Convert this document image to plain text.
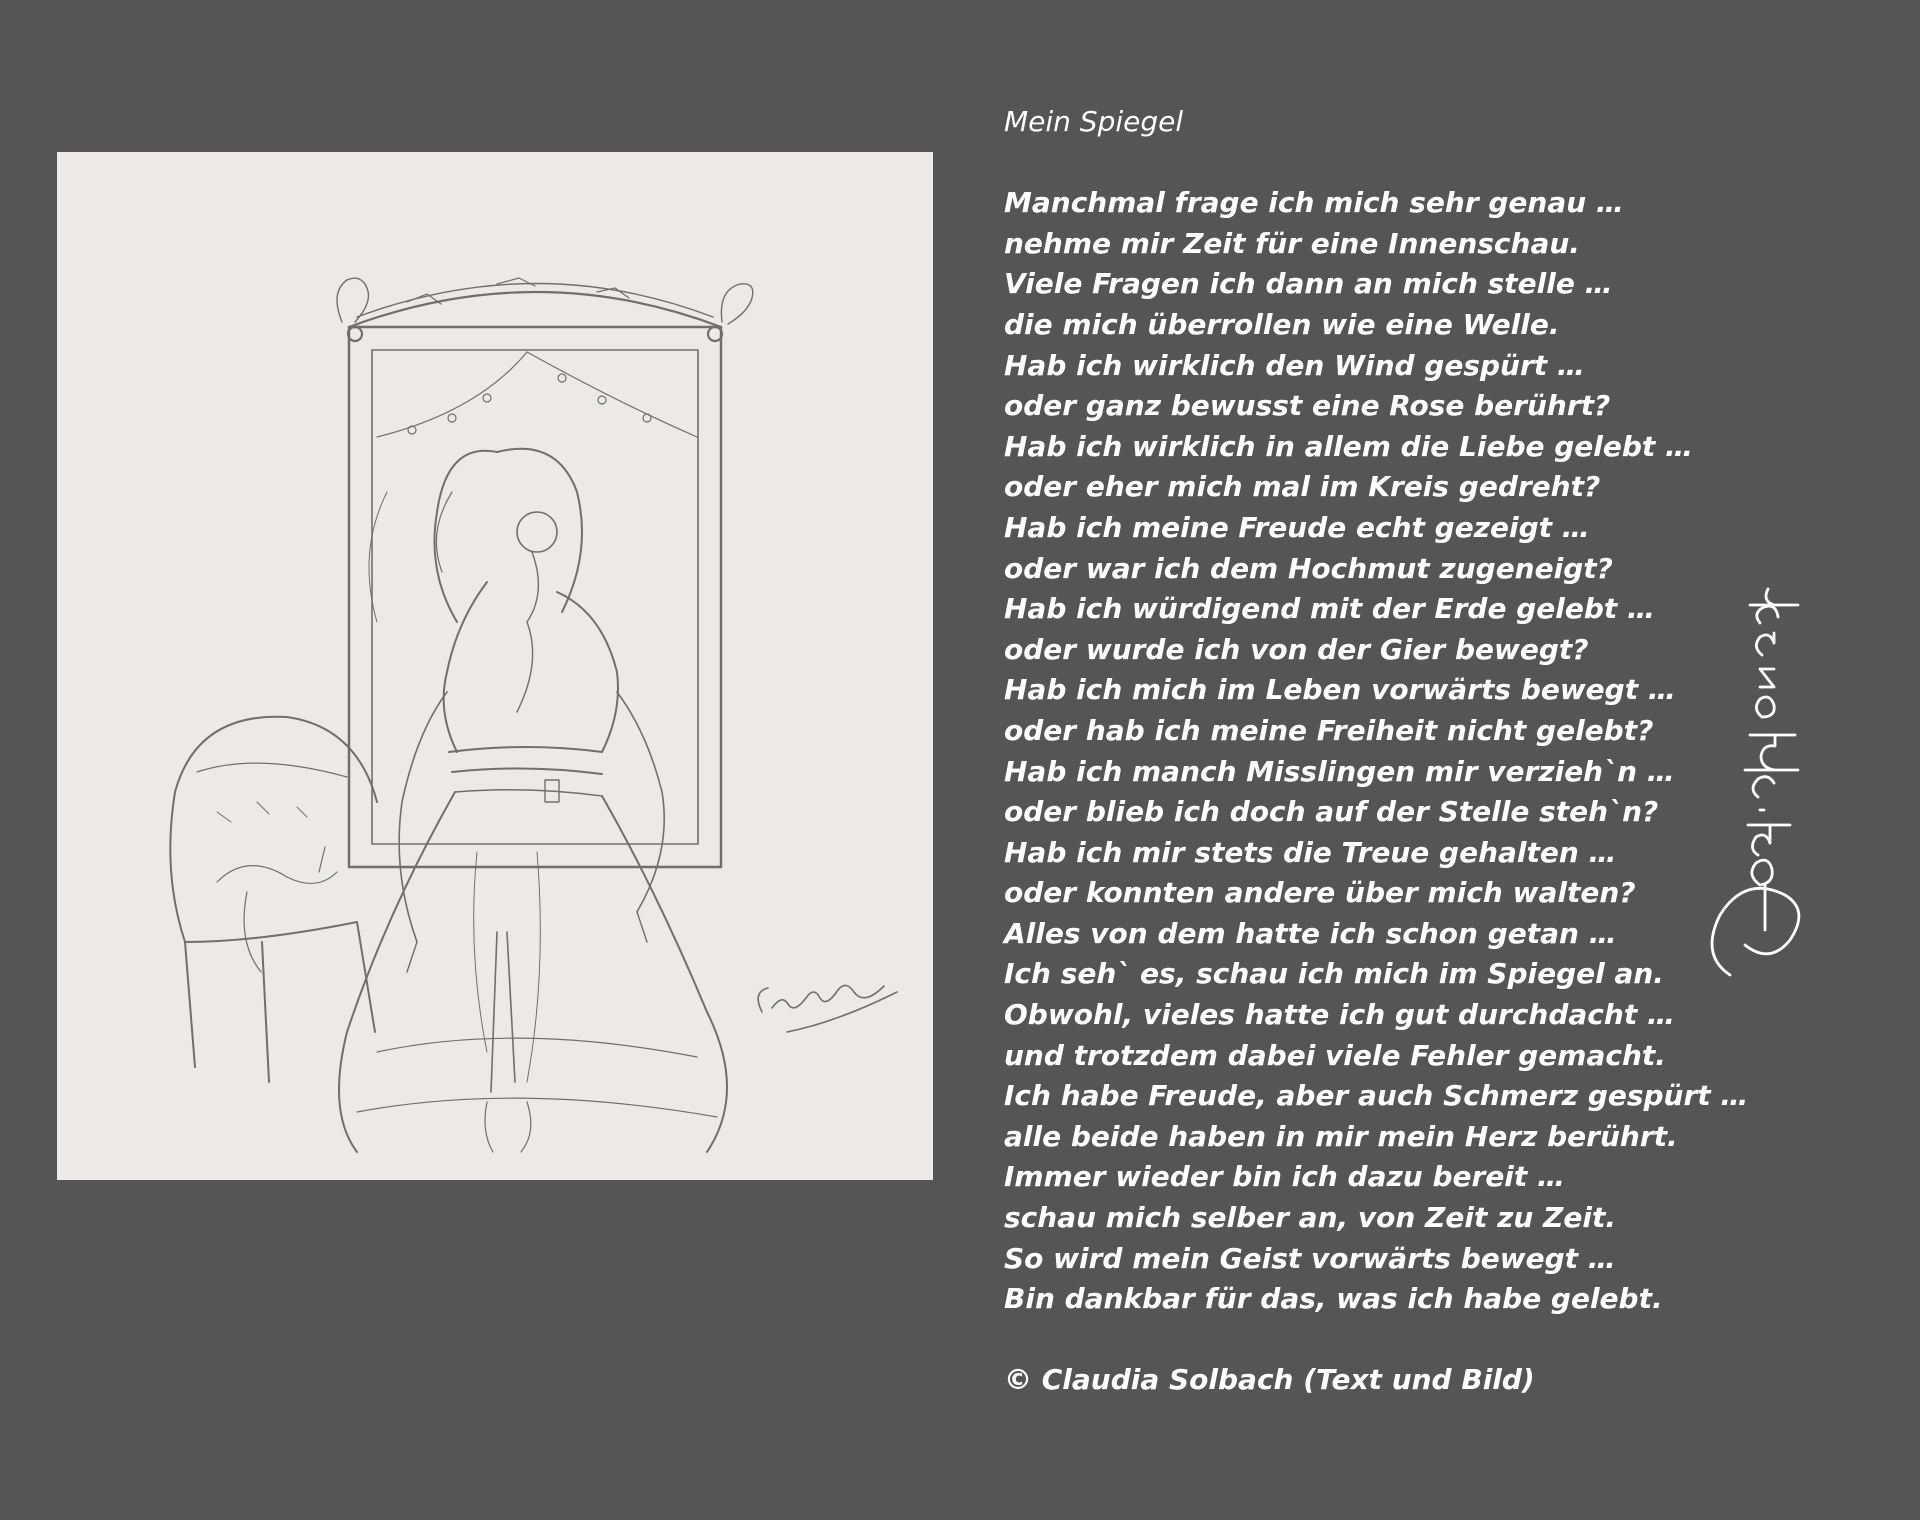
Mein Spiegel
Manchmal frage ich mich sehr genau …
nehme mir Zeit für eine Innenschau.
Viele Fragen ich dann an mich stelle …
die mich überrollen wie eine Welle.
Hab ich wirklich den Wind gespürt …
oder ganz bewusst eine Rose berührt?
Hab ich wirklich in allem die Liebe gelebt …
oder eher mich mal im Kreis gedreht?
Hab ich meine Freude echt gezeigt …
oder war ich dem Hochmut zugeneigt?
Hab ich würdigend mit der Erde gelebt …
oder wurde ich von der Gier bewegt?
Hab ich mich im Leben vorwärts bewegt …
oder hab ich meine Freiheit nicht gelebt?
Hab ich manch Misslingen mir verzieh`n …
oder blieb ich doch auf der Stelle steh`n?
Hab ich mir stets die Treue gehalten …
oder konnten andere über mich walten?
Alles von dem hatte ich schon getan …
Ich seh` es, schau ich mich im Spiegel an.
Obwohl, vieles hatte ich gut durchdacht …
und trotzdem dabei viele Fehler gemacht.
Ich habe Freude, aber auch Schmerz gespürt …
alle beide haben in mir mein Herz berührt.
Immer wieder bin ich dazu bereit …
schau mich selber an, von Zeit zu Zeit.
So wird mein Geist vorwärts bewegt …
Bin dankbar für das, was ich habe gelebt.
© Claudia Solbach (Text und Bild)
